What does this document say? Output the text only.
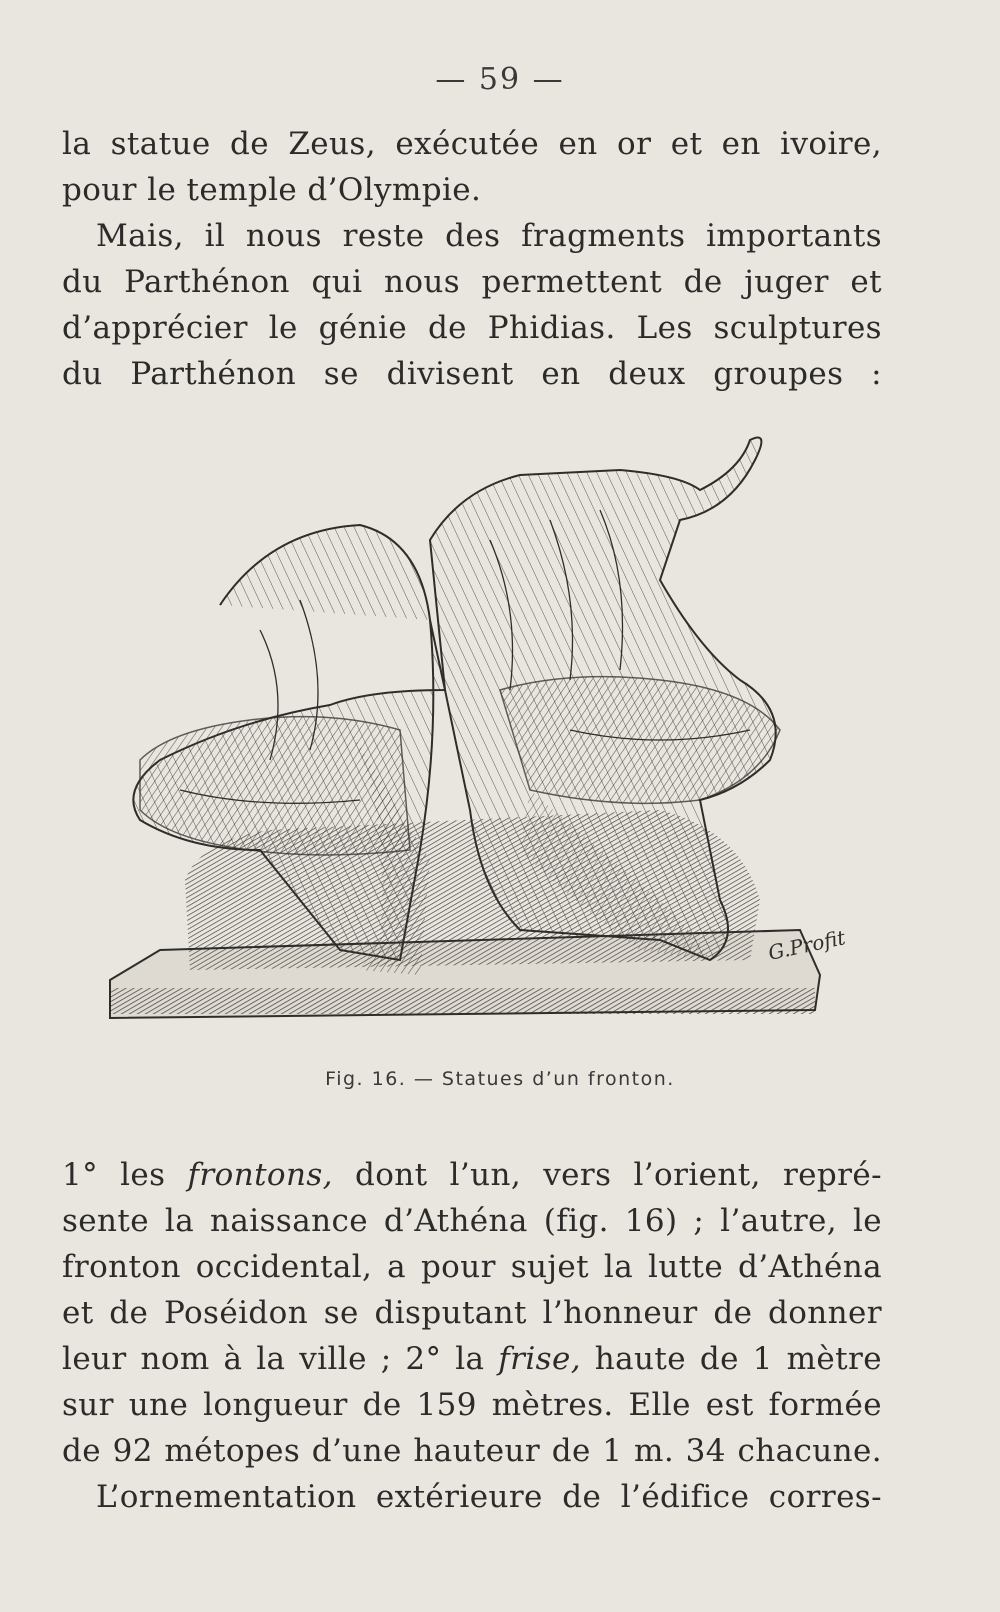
— 59 —
la statue de Zeus, exécutée en or et en ivoire,
pour le temple d’Olympie.
Mais, il nous reste des fragments importants
du Parthénon qui nous permettent de juger et
d’apprécier le génie de Phidias. Les sculptures
du Parthénon se divisent en deux groupes :
G.Profit
Fig. 16. — Statues d’un fronton.
1° les frontons, dont l’un, vers l’orient, repré-
sente la naissance d’Athéna (fig. 16) ; l’autre, le
fronton occidental, a pour sujet la lutte d’Athéna
et de Poséidon se disputant l’honneur de donner
leur nom à la ville ; 2° la frise, haute de 1 mètre
sur une longueur de 159 mètres. Elle est formée
de 92 métopes d’une hauteur de 1 m. 34 chacune.
L’ornementation extérieure de l’édifice corres-
